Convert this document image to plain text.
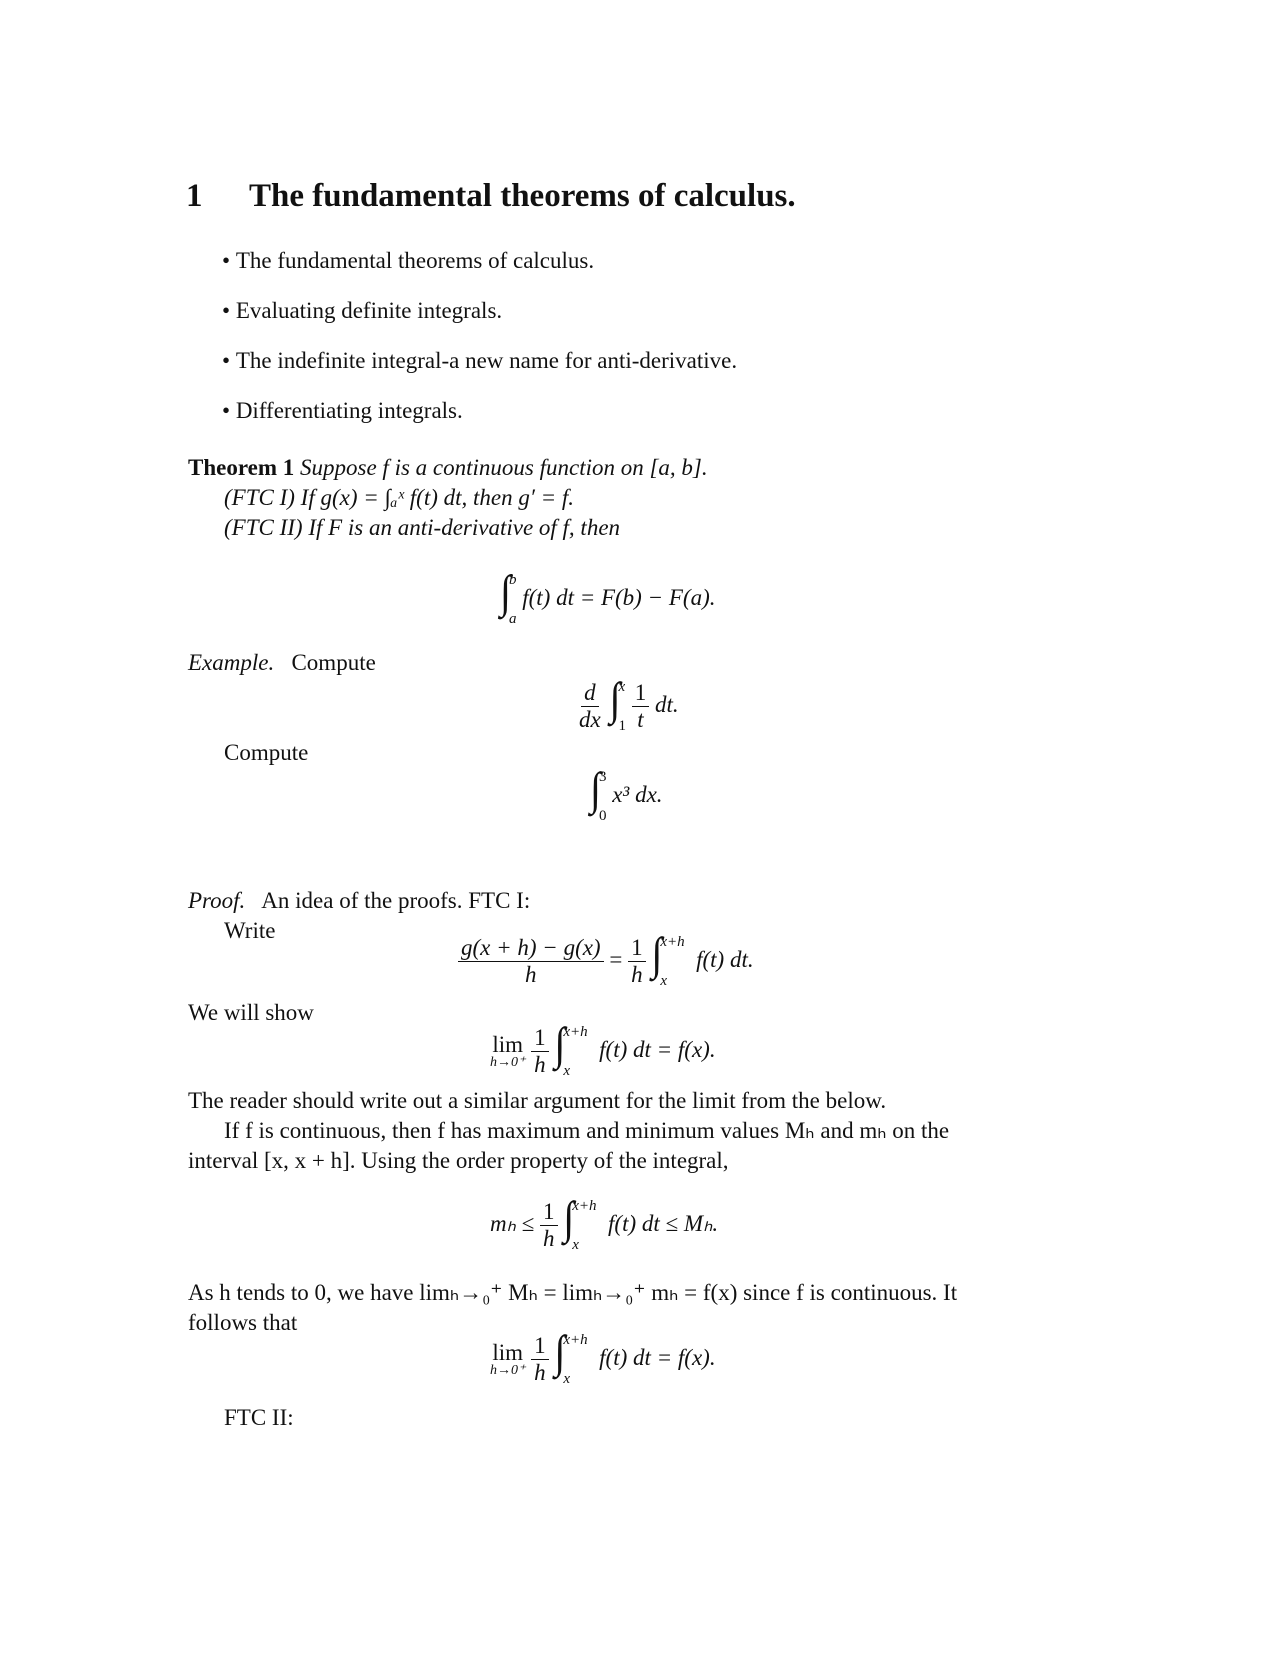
1 The fundamental theorems of calculus.
• The fundamental theorems of calculus.
• Evaluating definite integrals.
• The indefinite integral-a new name for anti-derivative.
• Differentiating integrals.
Theorem 1 Suppose f is a continuous function on [a, b].
(FTC I) If g(x) = ∫ₐˣ f(t) dt, then g′ = f.
(FTC II) If F is an anti-derivative of f, then
∫
b
a
f(t) dt = F(b) − F(a).
Example. Compute
$\frac{d}{dx}$ ∫
x
1
$\frac{1}{t}$ dt.
Compute
∫
3
0
x³ dx.
Proof. An idea of the proofs. FTC I:
Write
$\frac{g(x + h) - g(x)}{h} = \frac{1}{h}$ ∫
x+h
x
f(t) dt.
We will show
lim
h→0⁺
$\frac{1}{h}$ ∫
x+h
x
f(t) dt = f(x).
The reader should write out a similar argument for the limit from the below.
If f is continuous, then f has maximum and minimum values Mₕ and mₕ on the
interval [x, x + h]. Using the order property of the integral,
$m_h \le \frac{1}{h}$ ∫
x+h
x
f(t) dt ≤ Mₕ.
As h tends to 0, we have limₕ→₀⁺ Mₕ = limₕ→₀⁺ mₕ = f(x) since f is continuous. It
follows that
lim
h→0⁺
$\frac{1}{h}$ ∫
x+h
x
f(t) dt = f(x).
FTC II:
